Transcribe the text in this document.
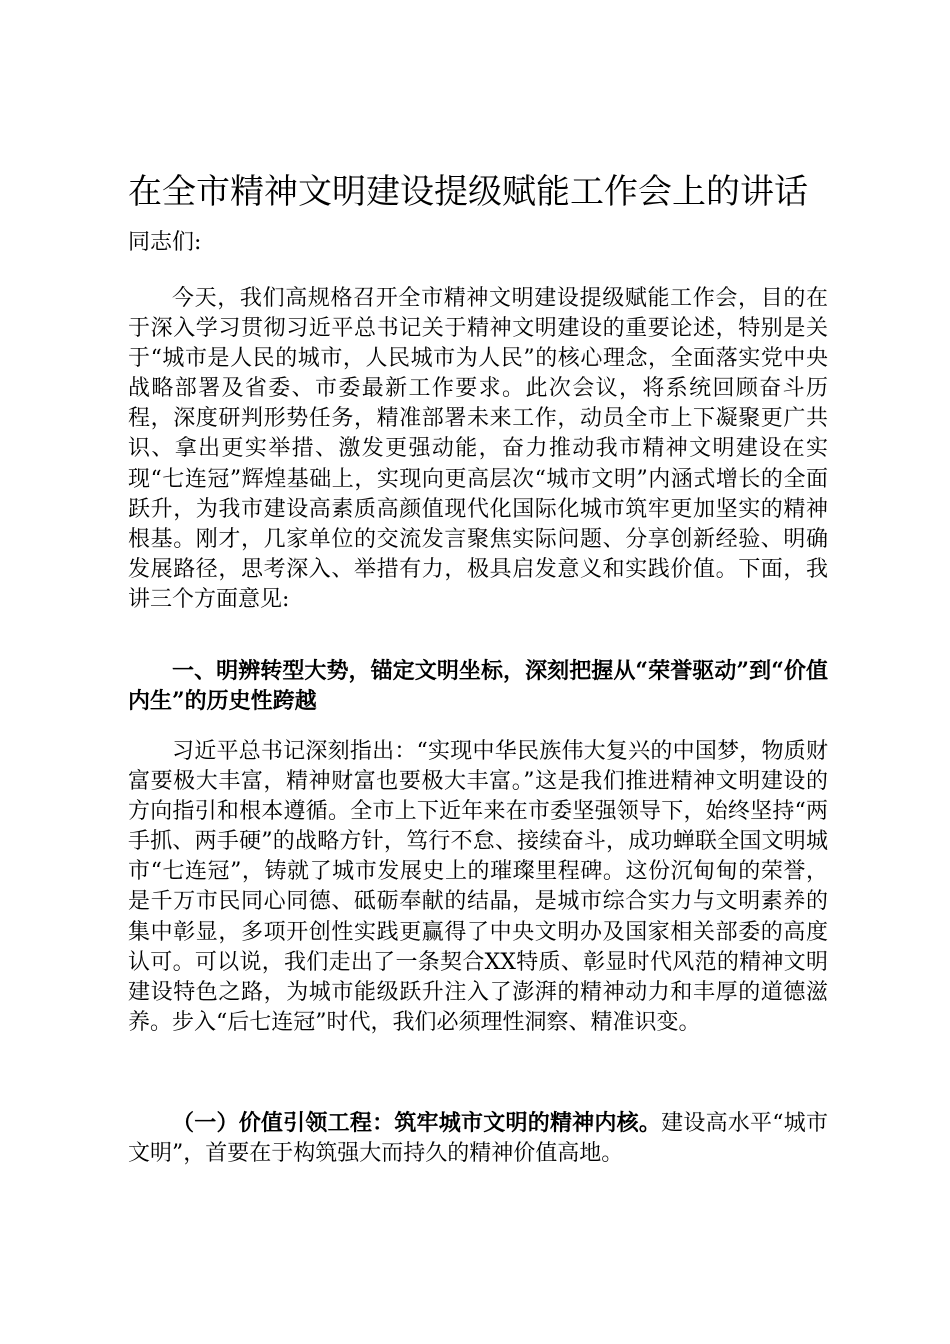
在全市精神文明建设提级赋能工作会上的讲话
同志们:

今天，我们高规格召开全市精神文明建设提级赋能工作会，目的在于深入学习贯彻习近平总书记关于精神文明建设的重要论述，特别是关于“城市是人民的城市，人民城市为人民”的核心理念，全面落实党中央战略部署及省委、市委最新工作要求。此次会议，将系统回顾奋斗历程，深度研判形势任务，精准部署未来工作，动员全市上下凝聚更广共识、拿出更实举措、激发更强动能，奋力推动我市精神文明建设在实现“七连冠”辉煌基础上，实现向更高层次“城市文明”内涵式增长的全面跃升，为我市建设高素质高颜值现代化国际化城市筑牢更加坚实的精神根基。刚才，几家单位的交流发言聚焦实际问题、分享创新经验、明确发展路径，思考深入、举措有力，极具启发意义和实践价值。下面，我讲三个方面意见:

一、明辨转型大势，锚定文明坐标，深刻把握从“荣誉驱动”到“价值内生”的历史性跨越

习近平总书记深刻指出：“实现中华民族伟大复兴的中国梦，物质财富要极大丰富，精神财富也要极大丰富。”这是我们推进精神文明建设的方向指引和根本遵循。全市上下近年来在市委坚强领导下，始终坚持“两手抓、两手硬”的战略方针，笃行不怠、接续奋斗，成功蝉联全国文明城市“七连冠”，铸就了城市发展史上的璀璨里程碑。这份沉甸甸的荣誉，是千万市民同心同德、砥砺奉献的结晶，是城市综合实力与文明素养的集中彰显，多项开创性实践更赢得了中央文明办及国家相关部委的高度认可。可以说，我们走出了一条契合XX特质、彰显时代风范的精神文明建设特色之路，为城市能级跃升注入了澎湃的精神动力和丰厚的道德滋养。步入“后七连冠”时代，我们必须理性洞察、精准识变。

（一）价值引领工程：筑牢城市文明的精神内核。建设高水平“城市文明”，首要在于构筑强大而持久的精神价值高地。
